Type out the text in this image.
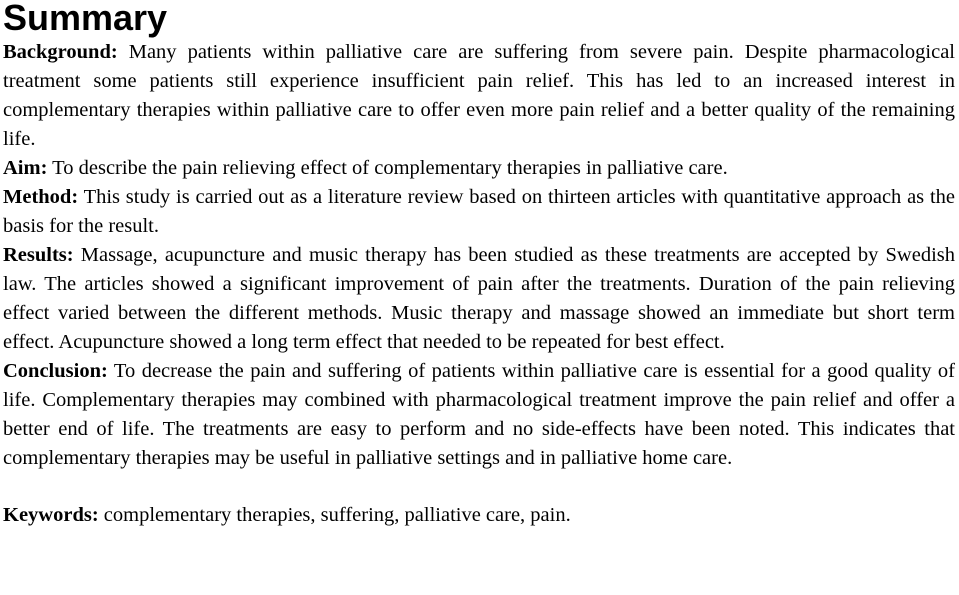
Summary

Background: Many patients within palliative care are suffering from severe pain. Despite pharmacological treatment some patients still experience insufficient pain relief. This has led to an increased interest in complementary therapies within palliative care to offer even more pain relief and a better quality of the remaining life.

Aim: To describe the pain relieving effect of complementary therapies in palliative care.

Method: This study is carried out as a literature review based on thirteen articles with quantitative approach as the basis for the result.

Results: Massage, acupuncture and music therapy has been studied as these treatments are accepted by Swedish law. The articles showed a significant improvement of pain after the treatments. Duration of the pain relieving effect varied between the different methods. Music therapy and massage showed an immediate but short term effect. Acupuncture showed a long term effect that needed to be repeated for best effect.

Conclusion: To decrease the pain and suffering of patients within palliative care is essential for a good quality of life. Complementary therapies may combined with pharmacological treatment improve the pain relief and offer a better end of life. The treatments are easy to perform and no side-effects have been noted. This indicates that complementary therapies may be useful in palliative settings and in palliative home care.

Keywords: complementary therapies, suffering, palliative care, pain.
